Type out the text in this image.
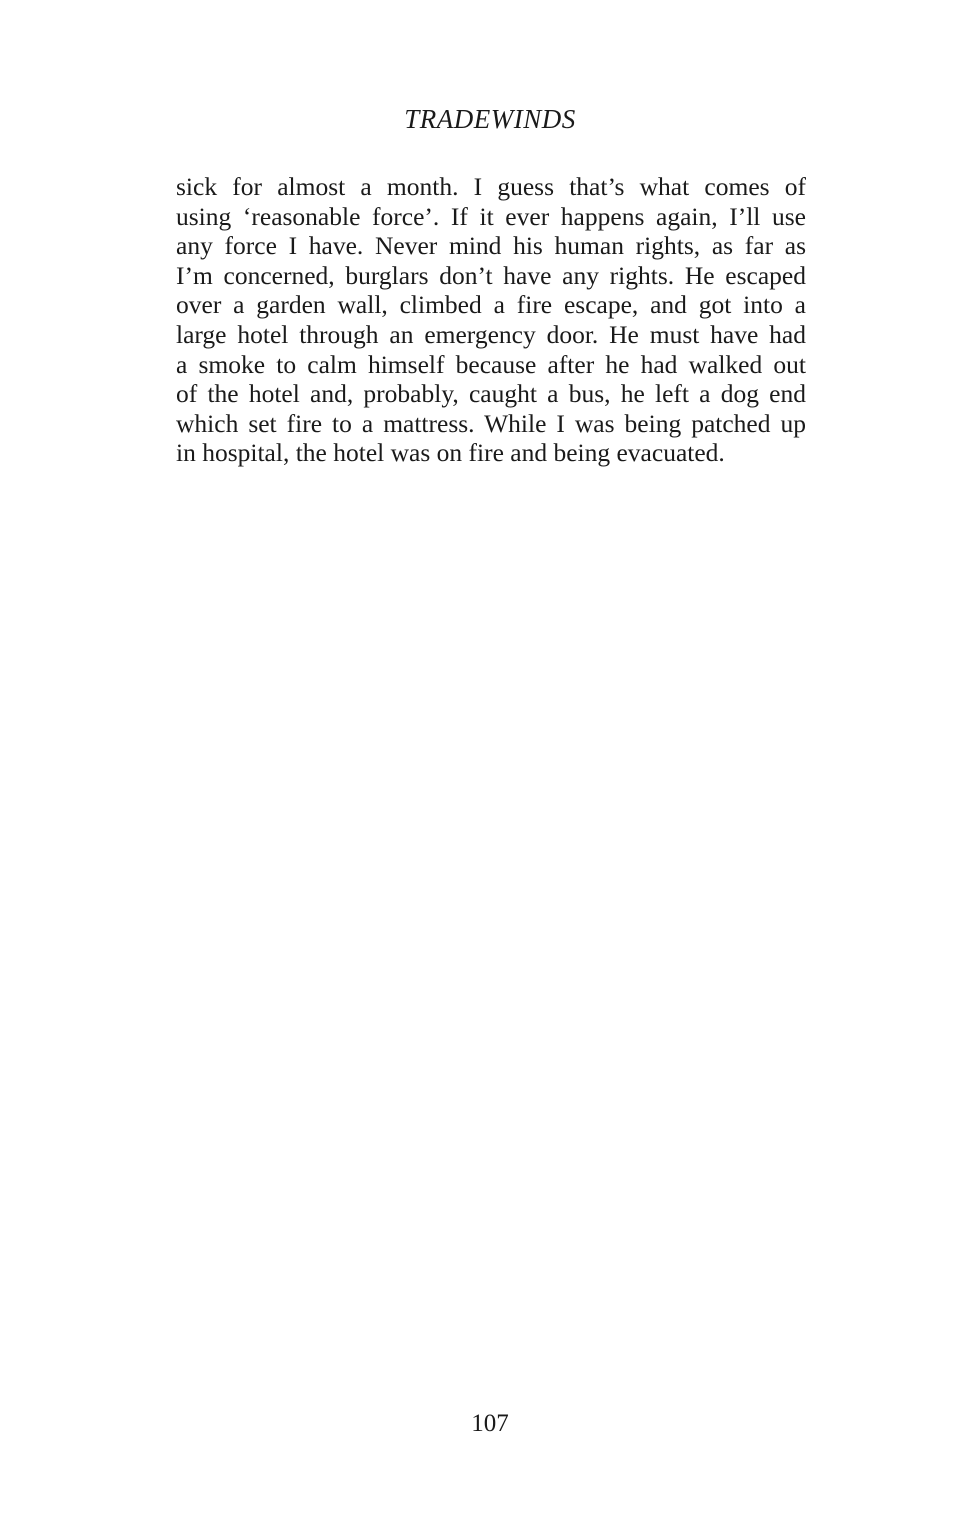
TRADEWINDS
sick for almost a month. I guess that’s what comes of
using ‘reasonable force’. If it ever happens again, I’ll use
any force I have. Never mind his human rights, as far as
I’m concerned, burglars don’t have any rights. He escaped
over a garden wall, climbed a fire escape, and got into a
large hotel through an emergency door. He must have had
a smoke to calm himself because after he had walked out
of the hotel and, probably, caught a bus, he left a dog end
which set fire to a mattress. While I was being patched up
in hospital, the hotel was on fire and being evacuated.
107
